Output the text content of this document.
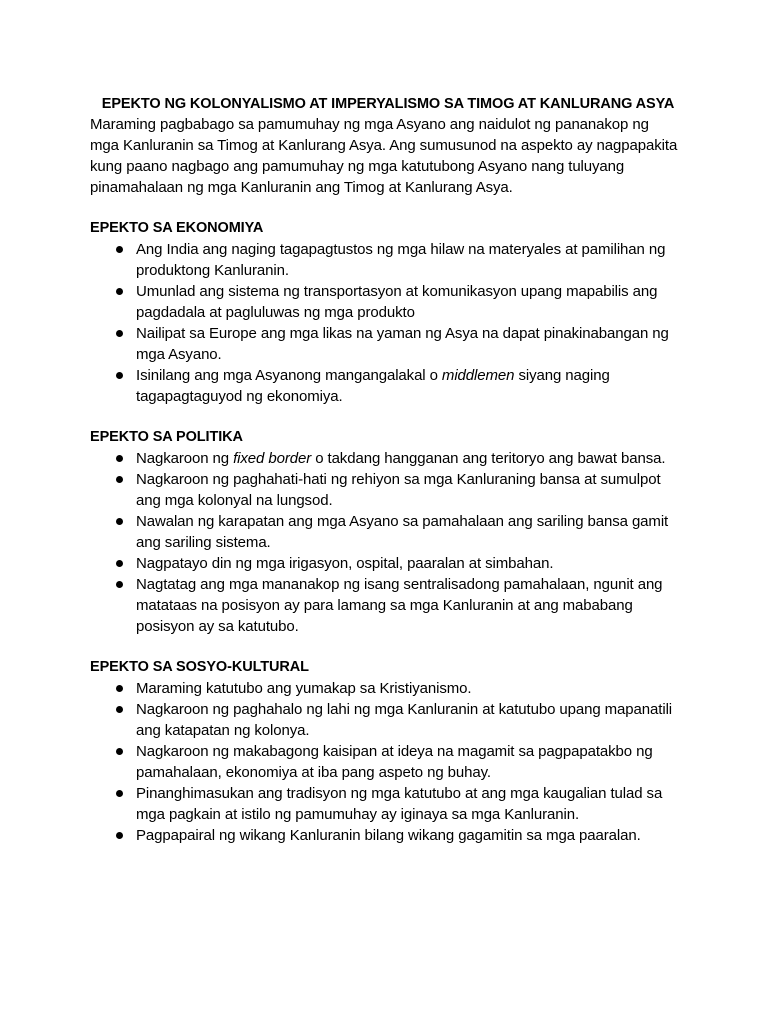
EPEKTO NG KOLONYALISMO AT IMPERYALISMO SA TIMOG AT KANLURANG ASYA

Maraming pagbabago sa pamumuhay ng mga Asyano ang naidulot ng pananakop ng mga Kanluranin sa Timog at Kanlurang Asya. Ang sumusunod na aspekto ay nagpapakita kung paano nagbago ang pamumuhay ng mga katutubong Asyano nang tuluyang pinamahalaan ng mga Kanluranin ang Timog at Kanlurang Asya.

EPEKTO SA EKONOMIYA
Ang India ang naging tagapagtustos ng mga hilaw na materyales at pamilihan ng produktong Kanluranin.
Umunlad ang sistema ng transportasyon at komunikasyon upang mapabilis ang pagdadala at pagluluwas ng mga produkto
Nailipat sa Europe ang mga likas na yaman ng Asya na dapat pinakinabangan ng mga Asyano.
Isinilang ang mga Asyanong mangangalakal o middlemen siyang naging tagapagtaguyod ng ekonomiya.
EPEKTO SA POLITIKA
Nagkaroon ng fixed border o takdang hangganan ang teritoryo ang bawat bansa.
Nagkaroon ng paghahati-hati ng rehiyon sa mga Kanluraning bansa at sumulpot ang mga kolonyal na lungsod.
Nawalan ng karapatan ang mga Asyano sa pamahalaan ang sariling bansa gamit ang sariling sistema.
Nagpatayo din ng mga irigasyon, ospital, paaralan at simbahan.
Nagtatag ang mga mananakop ng isang sentralisadong pamahalaan, ngunit ang matataas na posisyon ay para lamang sa mga Kanluranin at ang mababang posisyon ay sa katutubo.
EPEKTO SA SOSYO-KULTURAL
Maraming katutubo ang yumakap sa Kristiyanismo.
Nagkaroon ng paghahalo ng lahi ng mga Kanluranin at katutubo upang mapanatili ang katapatan ng kolonya.
Nagkaroon ng makabagong kaisipan at ideya na magamit sa pagpapatakbo ng pamahalaan, ekonomiya at iba pang aspeto ng buhay.
Pinanghimasukan ang tradisyon ng mga katutubo at ang mga kaugalian tulad sa mga pagkain at istilo ng pamumuhay ay iginaya sa mga Kanluranin.
Pagpapairal ng wikang Kanluranin bilang wikang gagamitin sa mga paaralan.
